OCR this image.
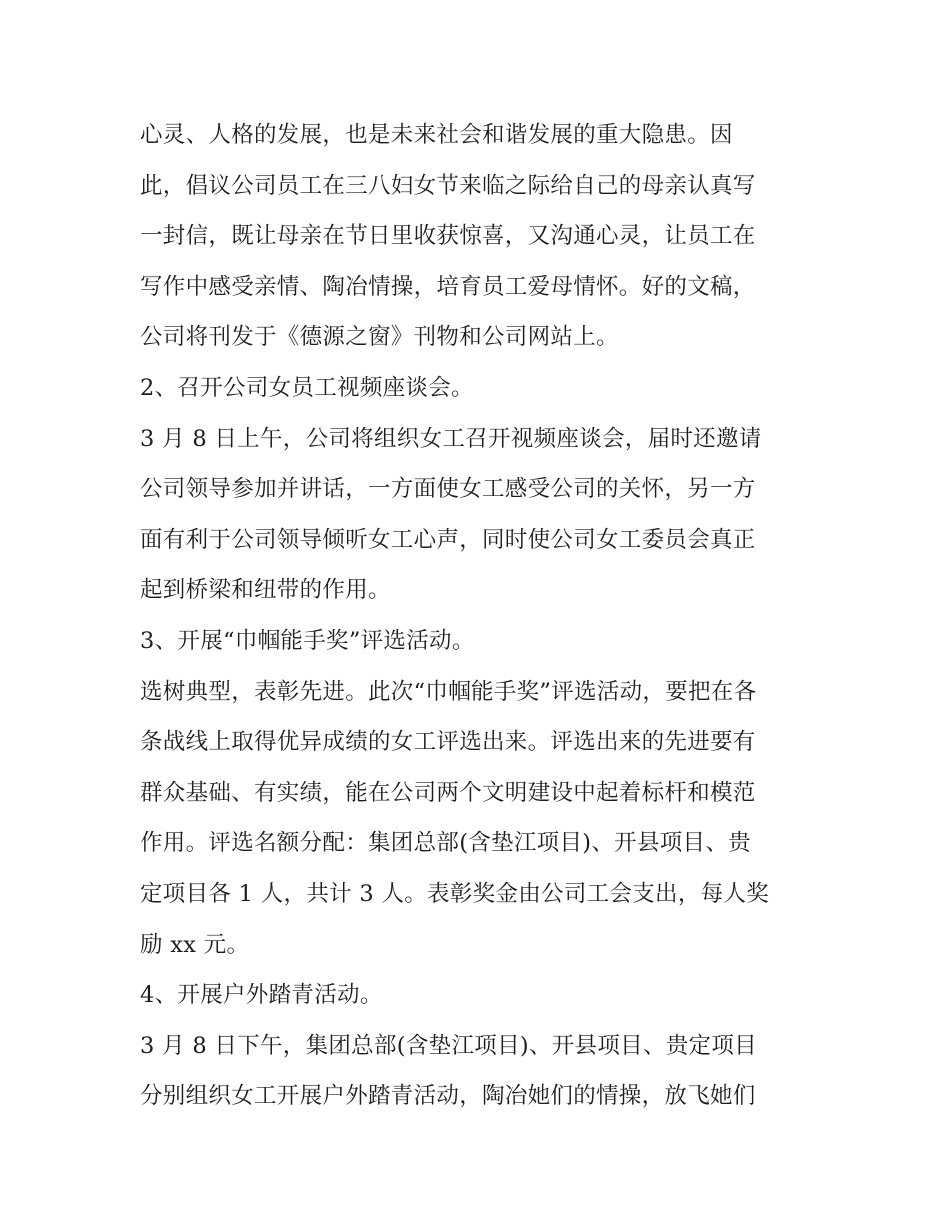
心灵、人格的发展，也是未来社会和谐发展的重大隐患。因
此，倡议公司员工在三八妇女节来临之际给自己的母亲认真写
一封信，既让母亲在节日里收获惊喜，又沟通心灵，让员工在
写作中感受亲情、陶冶情操，培育员工爱母情怀。好的文稿，
公司将刊发于《德源之窗》刊物和公司网站上。
2、召开公司女员工视频座谈会。
3 月 8 日上午，公司将组织女工召开视频座谈会，届时还邀请
公司领导参加并讲话，一方面使女工感受公司的关怀，另一方
面有利于公司领导倾听女工心声，同时使公司女工委员会真正
起到桥梁和纽带的作用。
3、开展“巾帼能手奖”评选活动。
选树典型，表彰先进。此次“巾帼能手奖”评选活动，要把在各
条战线上取得优异成绩的女工评选出来。评选出来的先进要有
群众基础、有实绩，能在公司两个文明建设中起着标杆和模范
作用。评选名额分配：集团总部(含垫江项目)、开县项目、贵
定项目各 1 人，共计 3 人。表彰奖金由公司工会支出，每人奖
励 xx 元。
4、开展户外踏青活动。
3 月 8 日下午，集团总部(含垫江项目)、开县项目、贵定项目
分别组织女工开展户外踏青活动，陶冶她们的情操，放飞她们
